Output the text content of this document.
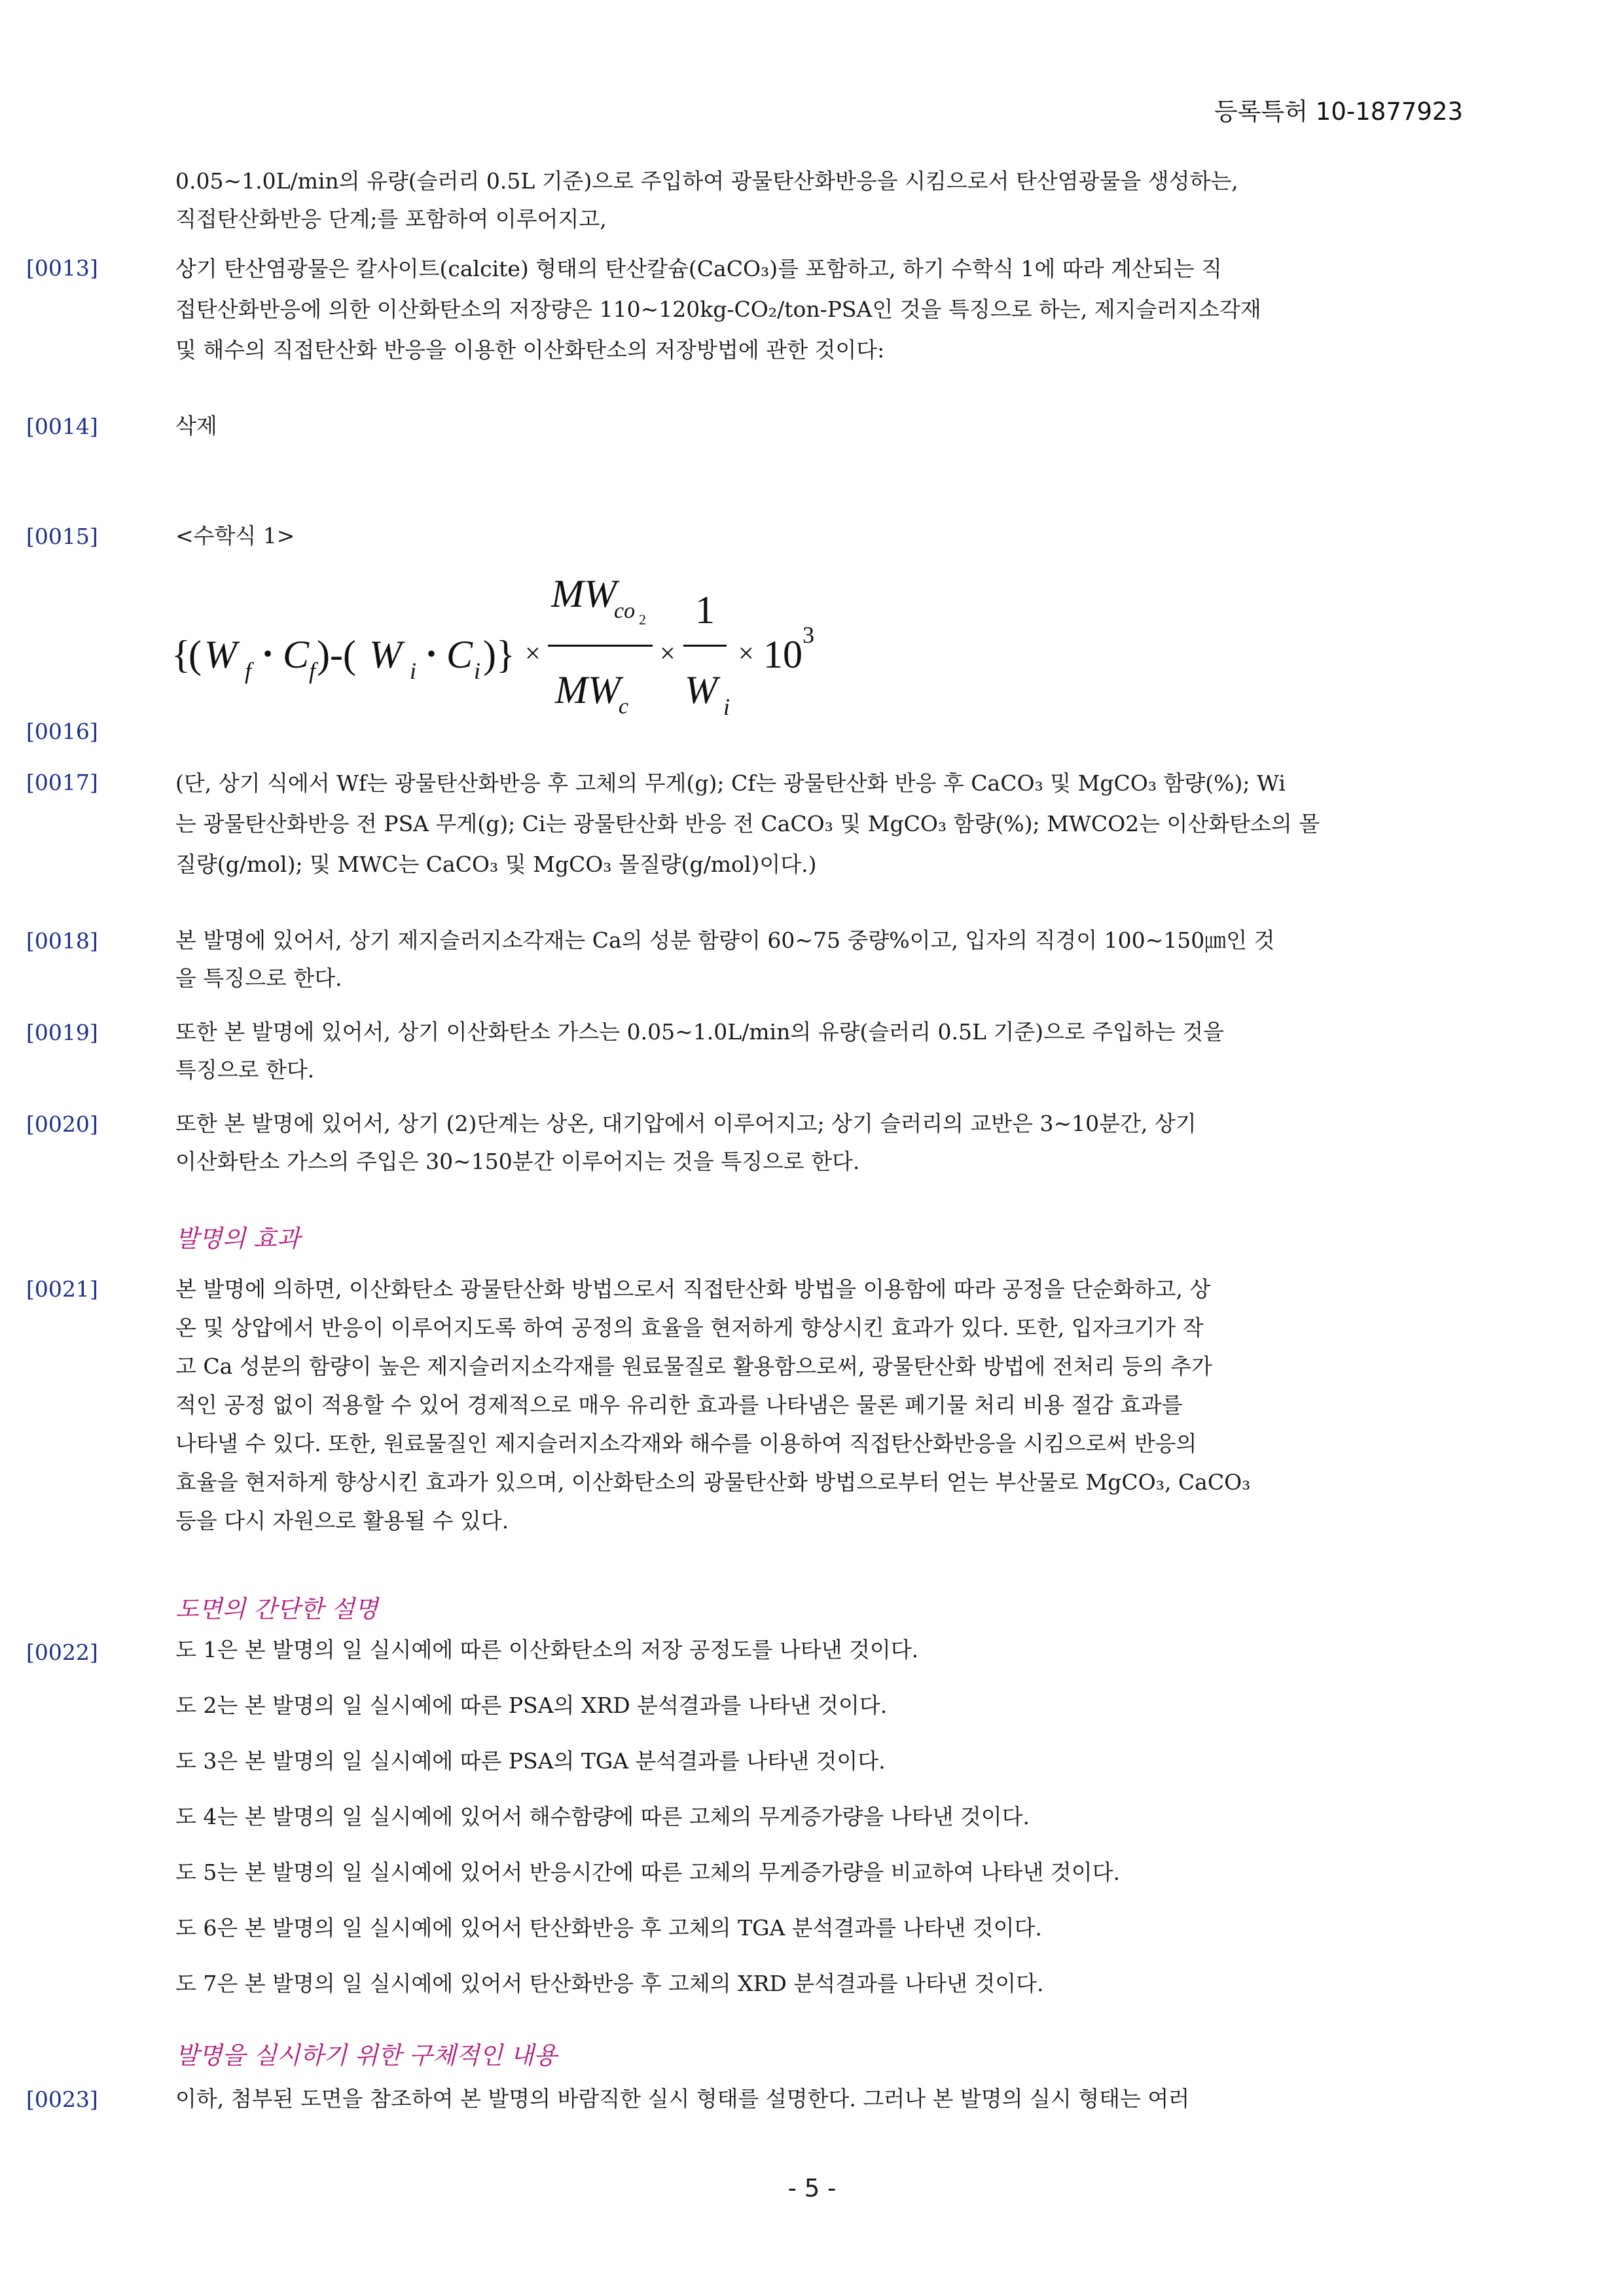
등록특허 10-1877923
0.05~1.0L/min의 유량(슬러리 0.5L 기준)으로 주입하여 광물탄산화반응을 시킴으로서 탄산염광물을 생성하는,
직접탄산화반응 단계;를 포함하여 이루어지고,
[0013]	상기 탄산염광물은 칼사이트(calcite) 형태의 탄산칼슘(CaCO₃)를 포함하고, 하기 수학식 1에 따라 계산되는 직
접탄산화반응에 의한 이산화탄소의 저장량은 110~120kg-CO₂/ton-PSA인 것을 특징으로 하는, 제지슬러지소각재
및 해수의 직접탄산화 반응을 이용한 이산화탄소의 저장방법에 관한 것이다:
[0014]	삭제
[0015]	<수학식 1>
{
( W f
• C f )-( W i
• C i )} ×
MW
co 2
MW
c
×
1
W i
× 10 3
[0016]
[0017]	(단, 상기 식에서 Wf는 광물탄산화반응 후 고체의 무게(g); Cf는 광물탄산화 반응 후 CaCO₃ 및 MgCO₃ 함량(%); Wi
는 광물탄산화반응 전 PSA 무게(g); Ci는 광물탄산화 반응 전 CaCO₃ 및 MgCO₃ 함량(%); MWCO2는 이산화탄소의 몰
질량(g/mol); 및 MWC는 CaCO₃ 및 MgCO₃ 몰질량(g/mol)이다.)
[0018]	본 발명에 있어서, 상기 제지슬러지소각재는 Ca의 성분 함량이 60~75 중량%이고, 입자의 직경이 100~150㎛인 것
을 특징으로 한다.
[0019]	또한 본 발명에 있어서, 상기 이산화탄소 가스는 0.05~1.0L/min의 유량(슬러리 0.5L 기준)으로 주입하는 것을
특징으로 한다.
[0020]	또한 본 발명에 있어서, 상기 (2)단계는 상온, 대기압에서 이루어지고; 상기 슬러리의 교반은 3~10분간, 상기
이산화탄소 가스의 주입은 30~150분간 이루어지는 것을 특징으로 한다.
발명의 효과
[0021]	본 발명에 의하면, 이산화탄소 광물탄산화 방법으로서 직접탄산화 방법을 이용함에 따라 공정을 단순화하고, 상
온 및 상압에서 반응이 이루어지도록 하여 공정의 효율을 현저하게 향상시킨 효과가 있다. 또한, 입자크기가 작
고 Ca 성분의 함량이 높은 제지슬러지소각재를 원료물질로 활용함으로써, 광물탄산화 방법에 전처리 등의 추가
적인 공정 없이 적용할 수 있어 경제적으로 매우 유리한 효과를 나타냄은 물론 폐기물 처리 비용 절감 효과를
나타낼 수 있다. 또한, 원료물질인 제지슬러지소각재와 해수를 이용하여 직접탄산화반응을 시킴으로써 반응의
효율을 현저하게 향상시킨 효과가 있으며, 이산화탄소의 광물탄산화 방법으로부터 얻는 부산물로 MgCO₃, CaCO₃
등을 다시 자원으로 활용될 수 있다.
도면의 간단한 설명
[0022]	도 1은 본 발명의 일 실시예에 따른 이산화탄소의 저장 공정도를 나타낸 것이다.
도 2는 본 발명의 일 실시예에 따른 PSA의 XRD 분석결과를 나타낸 것이다.
도 3은 본 발명의 일 실시예에 따른 PSA의 TGA 분석결과를 나타낸 것이다.
도 4는 본 발명의 일 실시예에 있어서 해수함량에 따른 고체의 무게증가량을 나타낸 것이다.
도 5는 본 발명의 일 실시예에 있어서 반응시간에 따른 고체의 무게증가량을 비교하여 나타낸 것이다.
도 6은 본 발명의 일 실시예에 있어서 탄산화반응 후 고체의 TGA 분석결과를 나타낸 것이다.
도 7은 본 발명의 일 실시예에 있어서 탄산화반응 후 고체의 XRD 분석결과를 나타낸 것이다.
발명을 실시하기 위한 구체적인 내용
[0023]	이하, 첨부된 도면을 참조하여 본 발명의 바람직한 실시 형태를 설명한다. 그러나 본 발명의 실시 형태는 여러
- 5 -
